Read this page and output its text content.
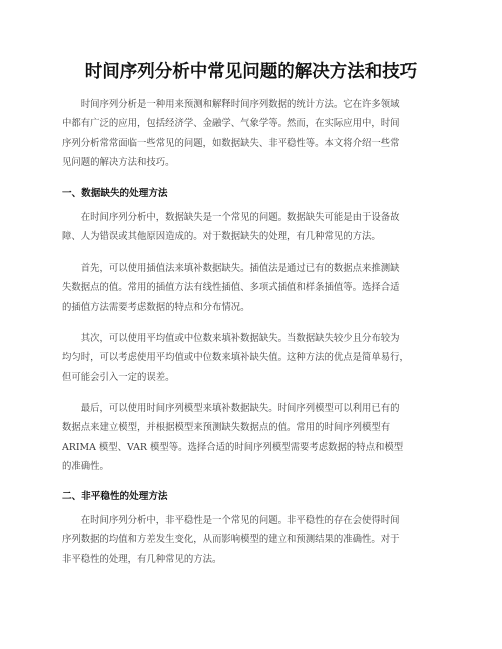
时间序列分析中常见问题的解决方法和技巧
　　时间序列分析是一种用来预测和解释时间序列数据的统计方法。它在许多领域
中都有广泛的应用，包括经济学、金融学、气象学等。然而，在实际应用中，时间
序列分析常常面临一些常见的问题，如数据缺失、非平稳性等。本文将介绍一些常
见问题的解决方法和技巧。
一、数据缺失的处理方法
　　在时间序列分析中，数据缺失是一个常见的问题。数据缺失可能是由于设备故
障、人为错误或其他原因造成的。对于数据缺失的处理，有几种常见的方法。
　　首先，可以使用插值法来填补数据缺失。插值法是通过已有的数据点来推测缺
失数据点的值。常用的插值方法有线性插值、多项式插值和样条插值等。选择合适
的插值方法需要考虑数据的特点和分布情况。
　　其次，可以使用平均值或中位数来填补数据缺失。当数据缺失较少且分布较为
均匀时，可以考虑使用平均值或中位数来填补缺失值。这种方法的优点是简单易行，
但可能会引入一定的误差。
　　最后，可以使用时间序列模型来填补数据缺失。时间序列模型可以利用已有的
数据点来建立模型，并根据模型来预测缺失数据点的值。常用的时间序列模型有
ARIMA 模型、VAR 模型等。选择合适的时间序列模型需要考虑数据的特点和模型
的准确性。
二、非平稳性的处理方法
　　在时间序列分析中，非平稳性是一个常见的问题。非平稳性的存在会使得时间
序列数据的均值和方差发生变化，从而影响模型的建立和预测结果的准确性。对于
非平稳性的处理，有几种常见的方法。
